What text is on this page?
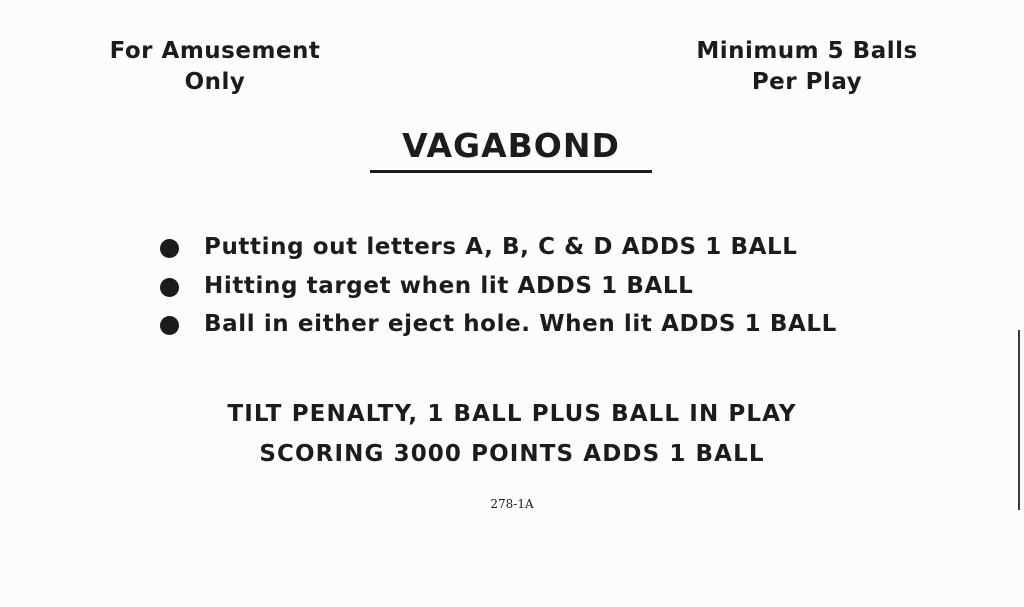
For Amusement
Only
Minimum 5 Balls
Per Play
VAGABOND
Putting out letters A, B, C & D ADDS 1 BALL
Hitting target when lit ADDS 1 BALL
Ball in either eject hole. When lit ADDS 1 BALL
TILT PENALTY, 1 BALL PLUS BALL IN PLAY
SCORING 3000 POINTS ADDS 1 BALL
278-1A
